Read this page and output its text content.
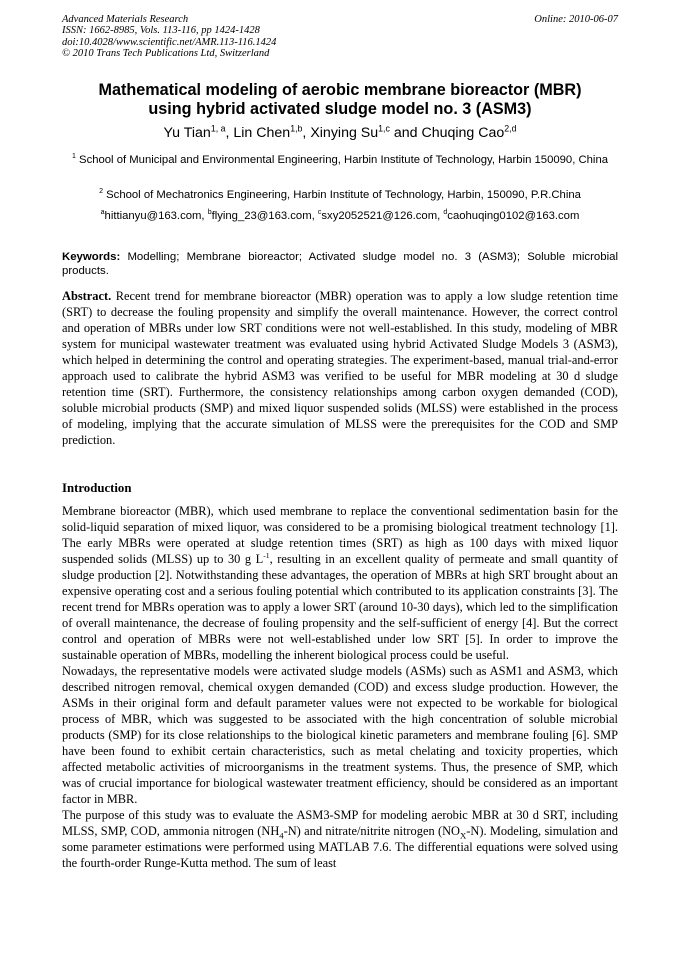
Advanced Materials Research
ISSN: 1662-8985, Vols. 113-116, pp 1424-1428
doi:10.4028/www.scientific.net/AMR.113-116.1424
© 2010 Trans Tech Publications Ltd, Switzerland
Online: 2010-06-07
Mathematical modeling of aerobic membrane bioreactor (MBR)
using hybrid activated sludge model no. 3 (ASM3)
Yu Tian$^{1, a}$, Lin Chen$^{1,b}$, Xinying Su$^{1,c}$ and Chuqing Cao$^{2,d}$
$^1$ School of Municipal and Environmental Engineering, Harbin Institute of Technology, Harbin 150090, China
$^2$ School of Mechatronics Engineering, Harbin Institute of Technology, Harbin, 150090, P.R.China
$^a$hittianyu@163.com, $^b$flying_23@163.com, $^c$sxy2052521@126.com, $^d$caohuqing0102@163.com
Keywords: Modelling; Membrane bioreactor; Activated sludge model no. 3 (ASM3); Soluble microbial products.
Abstract. Recent trend for membrane bioreactor (MBR) operation was to apply a low sludge retention time (SRT) to decrease the fouling propensity and simplify the overall maintenance. However, the correct control and operation of MBRs under low SRT conditions were not well-established. In this study, modeling of MBR system for municipal wastewater treatment was evaluated using hybrid Activated Sludge Models 3 (ASM3), which helped in determining the control and operating strategies. The experiment-based, manual trial-and-error approach used to calibrate the hybrid ASM3 was verified to be useful for MBR modeling at 30 d sludge retention time (SRT). Furthermore, the consistency relationships among carbon oxygen demanded (COD), soluble microbial products (SMP) and mixed liquor suspended solids (MLSS) were established in the process of modeling, implying that the accurate simulation of MLSS were the prerequisites for the COD and SMP prediction.
Introduction

Membrane bioreactor (MBR), which used membrane to replace the conventional sedimentation basin for the solid-liquid separation of mixed liquor, was considered to be a promising biological treatment technology [1]. The early MBRs were operated at sludge retention times (SRT) as high as 100 days with mixed liquor suspended solids (MLSS) up to 30 g $L^{-1}$, resulting in an excellent quality of permeate and small quantity of sludge production [2]. Notwithstanding these advantages, the operation of MBRs at high SRT brought about an expensive operating cost and a serious fouling potential which contributed to its application constraints [3]. The recent trend for MBRs operation was to apply a lower SRT (around 10-30 days), which led to the simplification of overall maintenance, the decrease of fouling propensity and the self-sufficient of energy [4]. But the correct control and operation of MBRs were not well-established under low SRT [5]. In order to improve the sustainable operation of MBRs, modelling the inherent biological process could be useful.

Nowadays, the representative models were activated sludge models (ASMs) such as ASM1 and ASM3, which described nitrogen removal, chemical oxygen demanded (COD) and excess sludge production. However, the ASMs in their original form and default parameter values were not expected to be workable for biological process of MBR, which was suggested to be associated with the high concentration of soluble microbial products (SMP) for its close relationships to the biological kinetic parameters and membrane fouling [6]. SMP have been found to exhibit certain characteristics, such as metal chelating and toxicity properties, which affected metabolic activities of microorganisms in the treatment systems. Thus, the presence of SMP, which was of crucial importance for biological wastewater treatment efficiency, should be considered as an important factor in MBR.

The purpose of this study was to evaluate the ASM3-SMP for modeling aerobic MBR at 30 d SRT, including MLSS, SMP, COD, ammonia nitrogen $(NH_4-N)$ and nitrate/nitrite nitrogen $(NO_X-N)$. Modeling, simulation and some parameter estimations were performed using MATLAB 7.6. The differential equations were solved using the fourth-order Runge-Kutta method. The sum of least
